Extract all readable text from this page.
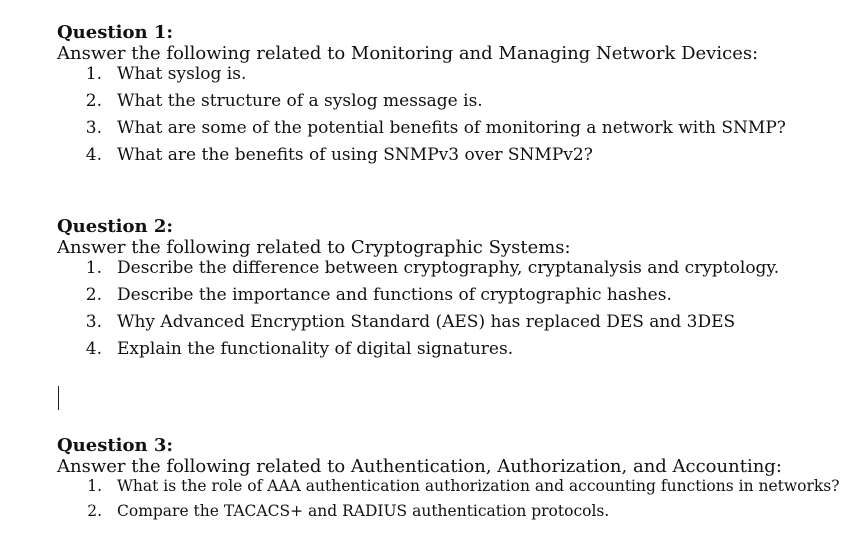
Question 1:

Answer the following related to Monitoring and Managing Network Devices:

1. What syslog is.
2. What the structure of a syslog message is.
3. What are some of the potential benefits of monitoring a network with SNMP?
4. What are the benefits of using SNMPv3 over SNMPv2?
Question 2:

Answer the following related to Cryptographic Systems:

1. Describe the difference between cryptography, cryptanalysis and cryptology.
2. Describe the importance and functions of cryptographic hashes.
3. Why Advanced Encryption Standard (AES) has replaced DES and 3DES
4. Explain the functionality of digital signatures.
Question 3:

Answer the following related to Authentication, Authorization, and Accounting:

1. What is the role of AAA authentication authorization and accounting functions in networks?
2. Compare the TACACS+ and RADIUS authentication protocols.
